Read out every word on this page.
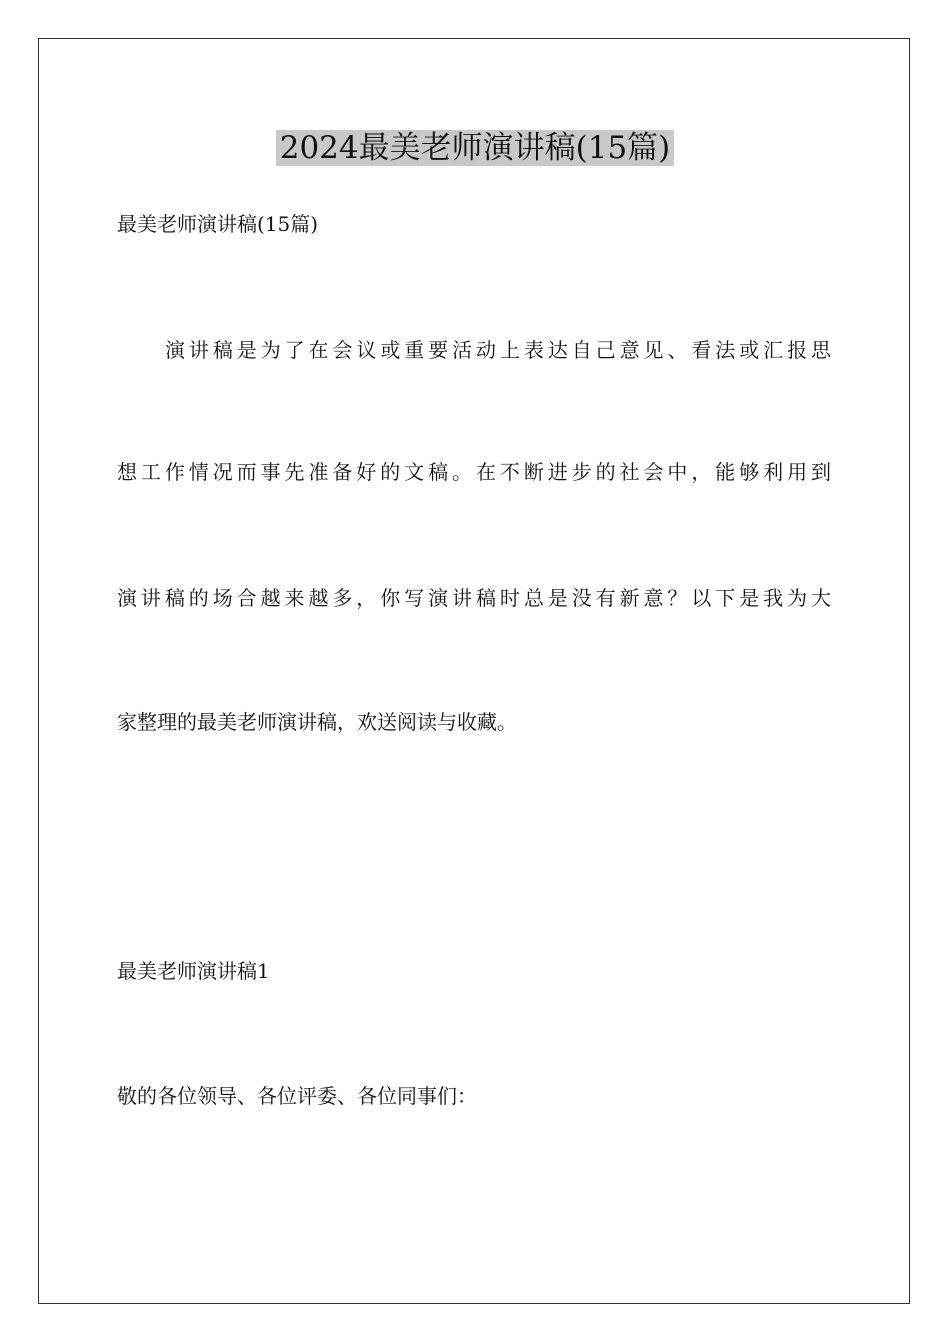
2024最美老师演讲稿(15篇)

最美老师演讲稿(15篇)

演讲稿是为了在会议或重要活动上表达自己意见、看法或汇报思

想工作情况而事先准备好的文稿。在不断进步的社会中，能够利用到

演讲稿的场合越来越多，你写演讲稿时总是没有新意？以下是我为大

家整理的最美老师演讲稿，欢送阅读与收藏。

最美老师演讲稿1

敬的各位领导、各位评委、各位同事们：
